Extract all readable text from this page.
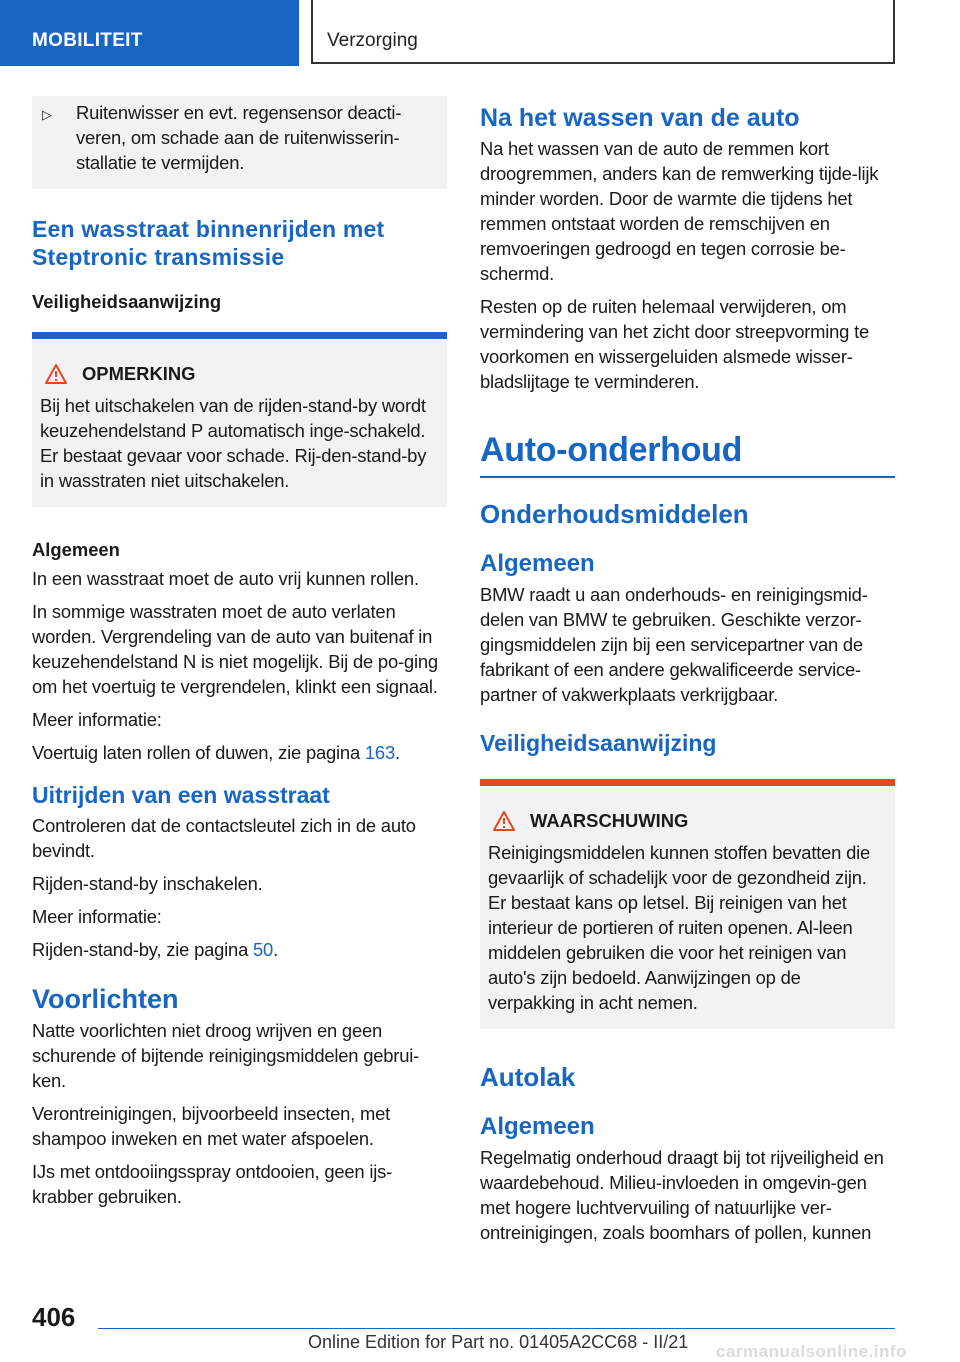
MOBILITEIT	Verzorging
▷	Ruitenwisser en evt. regensensor deacti‐veren, om schade aan de ruitenwisserin‐stallatie te vermijden.
Een wasstraat binnenrijden met Steptronic transmissie
Veiligheidsaanwijzing
OPMERKING

Bij het uitschakelen van de rijden-stand-by wordt keuzehendelstand P automatisch inge‐schakeld. Er bestaat gevaar voor schade. Rij‐den-stand-by in wasstraten niet uitschakelen.

Algemeen

In een wasstraat moet de auto vrij kunnen rollen.

In sommige wasstraten moet de auto verlaten worden. Vergrendeling van de auto van buitenaf in keuzehendelstand N is niet mogelijk. Bij de po‐ging om het voertuig te vergrendelen, klinkt een signaal.

Meer informatie:

Voertuig laten rollen of duwen, zie pagina 163.

Uitrijden van een wasstraat

Controleren dat de contactsleutel zich in de auto bevindt.

Rijden-stand-by inschakelen.

Meer informatie:

Rijden-stand-by, zie pagina 50.

Voorlichten

Natte voorlichten niet droog wrijven en geen schurende of bijtende reinigingsmiddelen gebrui‐ken.

Verontreinigingen, bijvoorbeeld insecten, met shampoo inweken en met water afspoelen.

IJs met ontdooiingsspray ontdooien, geen ijs‐krabber gebruiken.

Na het wassen van de auto

Na het wassen van de auto de remmen kort droogremmen, anders kan de remwerking tijde‐lijk minder worden. Door de warmte die tijdens het remmen ontstaat worden de remschijven en remvoeringen gedroogd en tegen corrosie be‐schermd.

Resten op de ruiten helemaal verwijderen, om vermindering van het zicht door streepvorming te voorkomen en wissergeluiden alsmede wisser‐bladslijtage te verminderen.

Auto-onderhoud
Onderhoudsmiddelen
Algemeen

BMW raadt u aan onderhouds- en reinigingsmid‐delen van BMW te gebruiken. Geschikte verzor‐gingsmiddelen zijn bij een servicepartner van de fabrikant of een andere gekwalificeerde service‐partner of vakwerkplaats verkrijgbaar.

Veiligheidsaanwijzing
WAARSCHUWING

Reinigingsmiddelen kunnen stoffen bevatten die gevaarlijk of schadelijk voor de gezondheid zijn. Er bestaat kans op letsel. Bij reinigen van het interieur de portieren of ruiten openen. Al‐leen middelen gebruiken die voor het reinigen van auto's zijn bedoeld. Aanwijzingen op de verpakking in acht nemen.

Autolak
Algemeen

Regelmatig onderhoud draagt bij tot rijveiligheid en waardebehoud. Milieu-invloeden in omgevin‐gen met hogere luchtvervuiling of natuurlijke ver‐ontreinigingen, zoals boomhars of pollen, kunnen

406
Online Edition for Part no. 01405A2CC68 - II/21 carmanualsonline.info
